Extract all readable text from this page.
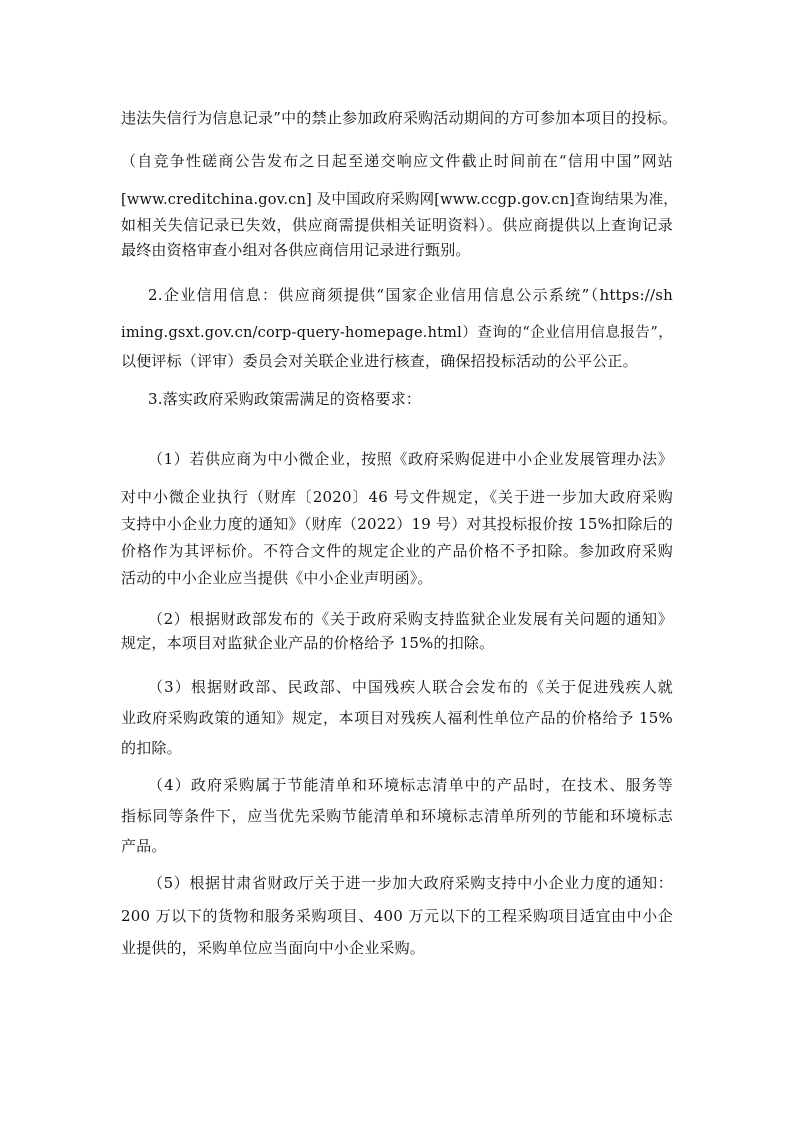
违法失信行为信息记录”中的禁止参加政府采购活动期间的方可参加本项目的投标。
（自竞争性磋商公告发布之日起至递交响应文件截止时间前在“信用中国”网站
[www.creditchina.gov.cn] 及中国政府采购网[www.ccgp.gov.cn]查询结果为准，
如相关失信记录已失效，供应商需提供相关证明资料）。供应商提供以上查询记录
最终由资格审查小组对各供应商信用记录进行甄别。
2.企业信用信息：供应商须提供“国家企业信用信息公示系统”（https://sh
iming.gsxt.gov.cn/corp-query-homepage.html）查询的“企业信用信息报告”，
以便评标（评审）委员会对关联企业进行核查，确保招投标活动的公平公正。
3.落实政府采购政策需满足的资格要求：
（1）若供应商为中小微企业，按照《政府采购促进中小企业发展管理办法》
对中小微企业执行（财库〔2020〕46 号文件规定，《关于进一步加大政府采购
支持中小企业力度的通知》（财库（2022）19 号）对其投标报价按 15%扣除后的
价格作为其评标价。不符合文件的规定企业的产品价格不予扣除。参加政府采购
活动的中小企业应当提供《中小企业声明函》。
（2）根据财政部发布的《关于政府采购支持监狱企业发展有关问题的通知》
规定，本项目对监狱企业产品的价格给予 15%的扣除。
（3）根据财政部、民政部、中国残疾人联合会发布的《关于促进残疾人就
业政府采购政策的通知》规定，本项目对残疾人福利性单位产品的价格给予 15%
的扣除。
（4）政府采购属于节能清单和环境标志清单中的产品时，在技术、服务等
指标同等条件下，应当优先采购节能清单和环境标志清单所列的节能和环境标志
产品。
（5）根据甘肃省财政厅关于进一步加大政府采购支持中小企业力度的通知：
200 万以下的货物和服务采购项目、400 万元以下的工程采购项目适宜由中小企
业提供的，采购单位应当面向中小企业采购。
